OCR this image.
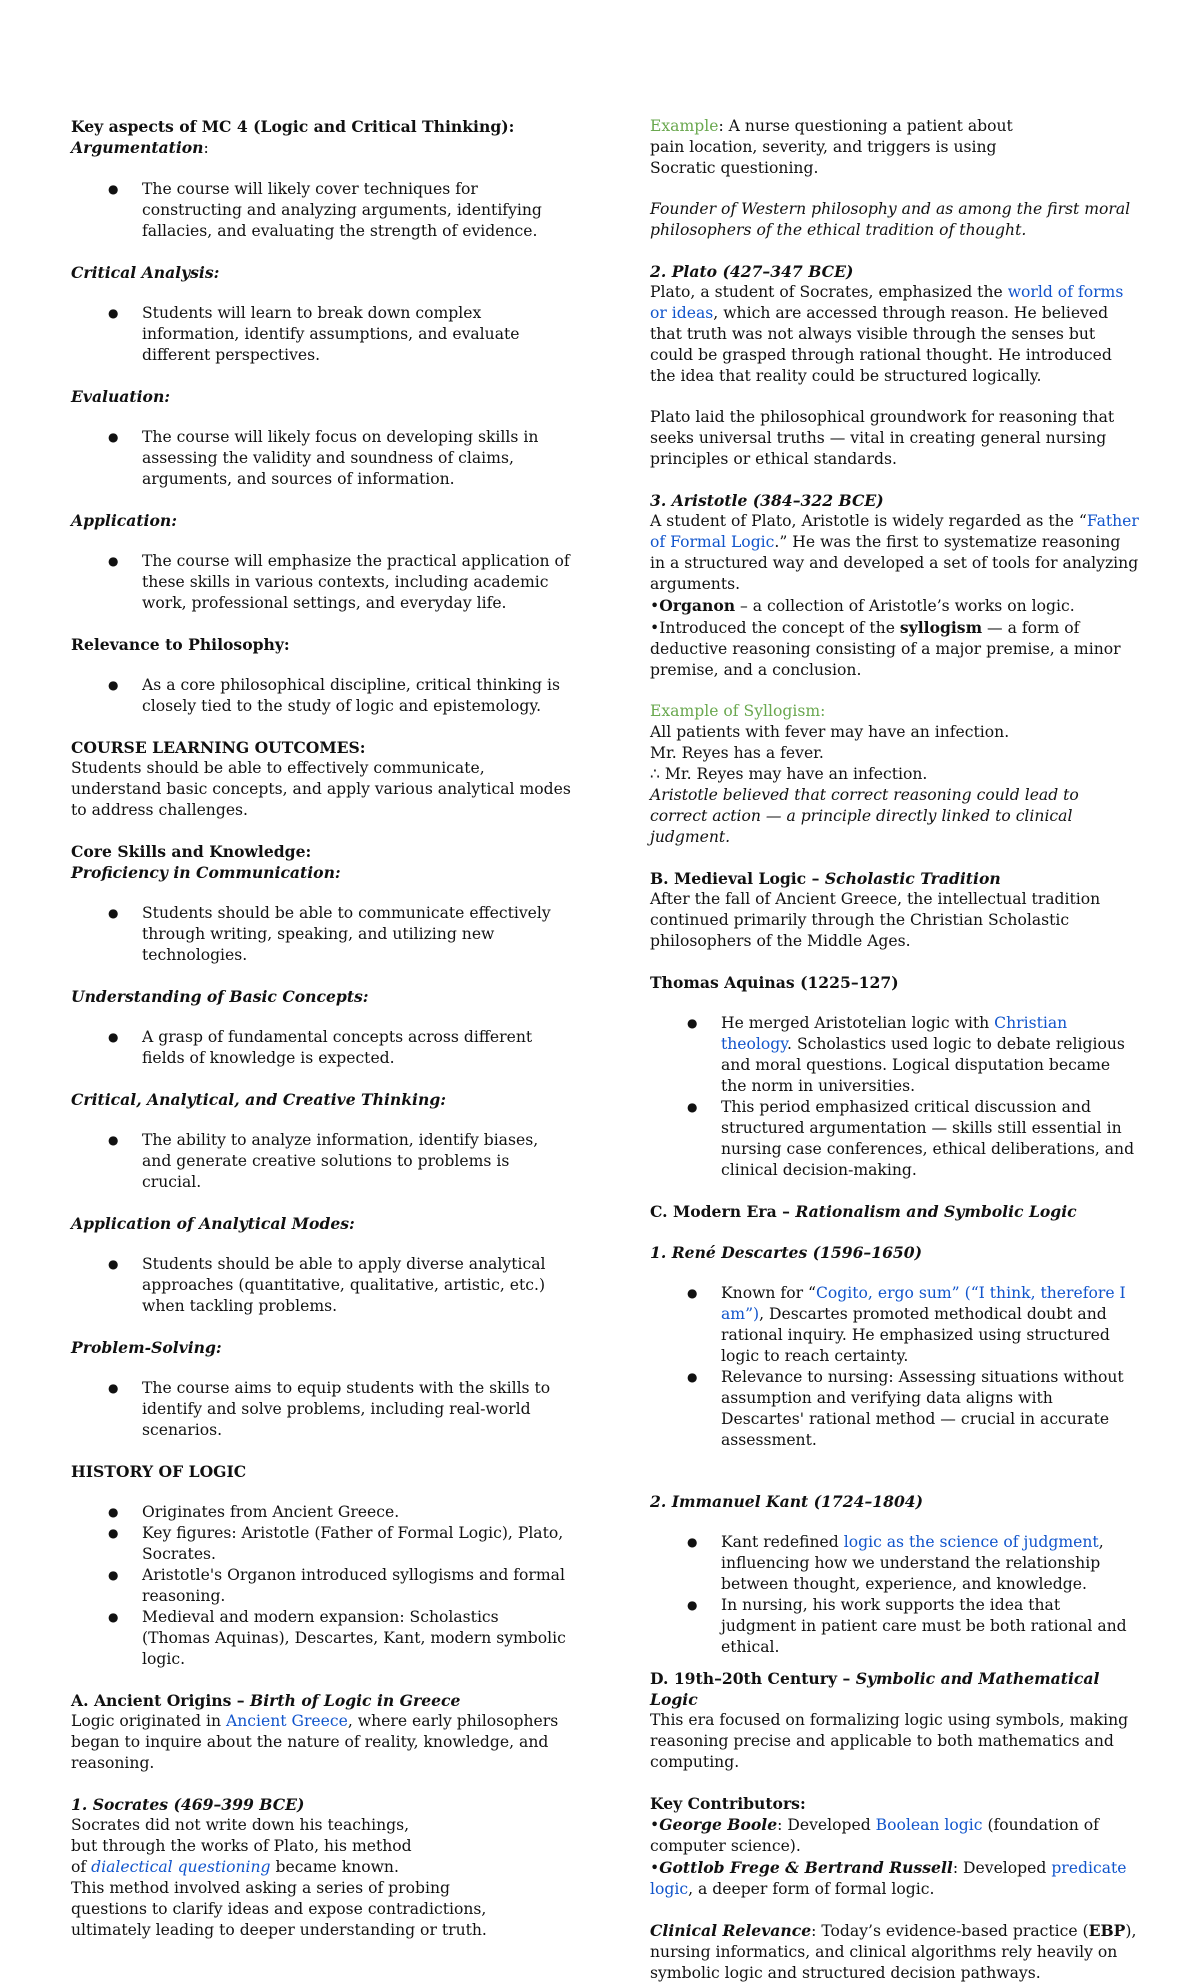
Key aspects of MC 4 (Logic and Critical Thinking):

Argumentation:

● The course will likely cover techniques for constructing and analyzing arguments, identifying fallacies, and evaluating the strength of evidence.

Critical Analysis:

● Students will learn to break down complex information, identify assumptions, and evaluate different perspectives.

Evaluation:

● The course will likely focus on developing skills in assessing the validity and soundness of claims, arguments, and sources of information.

Application:

● The course will emphasize the practical application of these skills in various contexts, including academic work, professional settings, and everyday life.

Relevance to Philosophy:

● As a core philosophical discipline, critical thinking is closely tied to the study of logic and epistemology.

COURSE LEARNING OUTCOMES:

Students should be able to effectively communicate, understand basic concepts, and apply various analytical modes to address challenges.

Core Skills and Knowledge:

Proficiency in Communication:

● Students should be able to communicate effectively through writing, speaking, and utilizing new technologies.

Understanding of Basic Concepts:

● A grasp of fundamental concepts across different fields of knowledge is expected.

Critical, Analytical, and Creative Thinking:

● The ability to analyze information, identify biases, and generate creative solutions to problems is crucial.

Application of Analytical Modes:

● Students should be able to apply diverse analytical approaches (quantitative, qualitative, artistic, etc.) when tackling problems.

Problem-Solving:

● The course aims to equip students with the skills to identify and solve problems, including real-world scenarios.

HISTORY OF LOGIC

● Originates from Ancient Greece.
● Key figures: Aristotle (Father of Formal Logic), Plato, Socrates.
● Aristotle's Organon introduced syllogisms and formal reasoning.
● Medieval and modern expansion: Scholastics (Thomas Aquinas), Descartes, Kant, modern symbolic logic.

A. Ancient Origins – Birth of Logic in Greece

Logic originated in Ancient Greece, where early philosophers began to inquire about the nature of reality, knowledge, and reasoning.

1. Socrates (469–399 BCE)

Socrates did not write down his teachings,

but through the works of Plato, his method

of dialectical questioning became known.

This method involved asking a series of probing

questions to clarify ideas and expose contradictions,

ultimately leading to deeper understanding or truth.

Example: A nurse questioning a patient about

pain location, severity, and triggers is using

Socratic questioning.

Founder of Western philosophy and as among the first moral philosophers of the ethical tradition of thought.

2. Plato (427–347 BCE)

Plato, a student of Socrates, emphasized the world of forms or ideas, which are accessed through reason. He believed that truth was not always visible through the senses but could be grasped through rational thought. He introduced the idea that reality could be structured logically.

Plato laid the philosophical groundwork for reasoning that seeks universal truths — vital in creating general nursing principles or ethical standards.

3. Aristotle (384–322 BCE)

A student of Plato, Aristotle is widely regarded as the “Father of Formal Logic.” He was the first to systematize reasoning in a structured way and developed a set of tools for analyzing arguments.

•Organon – a collection of Aristotle’s works on logic.

•Introduced the concept of the syllogism — a form of deductive reasoning consisting of a major premise, a minor premise, and a conclusion.

Example of Syllogism:

All patients with fever may have an infection.

Mr. Reyes has a fever.

∴ Mr. Reyes may have an infection.

Aristotle believed that correct reasoning could lead to correct action — a principle directly linked to clinical judgment.

B. Medieval Logic – Scholastic Tradition

After the fall of Ancient Greece, the intellectual tradition continued primarily through the Christian Scholastic philosophers of the Middle Ages.

Thomas Aquinas (1225–127)

● He merged Aristotelian logic with Christian theology. Scholastics used logic to debate religious and moral questions. Logical disputation became the norm in universities.
● This period emphasized critical discussion and structured argumentation — skills still essential in nursing case conferences, ethical deliberations, and clinical decision-making.

C. Modern Era – Rationalism and Symbolic Logic

1. René Descartes (1596–1650)

● Known for “Cogito, ergo sum” (“I think, therefore I am”), Descartes promoted methodical doubt and rational inquiry. He emphasized using structured logic to reach certainty.
● Relevance to nursing: Assessing situations without assumption and verifying data aligns with Descartes' rational method — crucial in accurate assessment.

2. Immanuel Kant (1724–1804)

● Kant redefined logic as the science of judgment, influencing how we understand the relationship between thought, experience, and knowledge.
● In nursing, his work supports the idea that judgment in patient care must be both rational and ethical.

D. 19th–20th Century – Symbolic and Mathematical Logic

This era focused on formalizing logic using symbols, making reasoning precise and applicable to both mathematics and computing.

Key Contributors:

•George Boole: Developed Boolean logic (foundation of computer science).

•Gottlob Frege & Bertrand Russell: Developed predicate logic, a deeper form of formal logic.

Clinical Relevance: Today’s evidence-based practice (EBP), nursing informatics, and clinical algorithms rely heavily on symbolic logic and structured decision pathways.
